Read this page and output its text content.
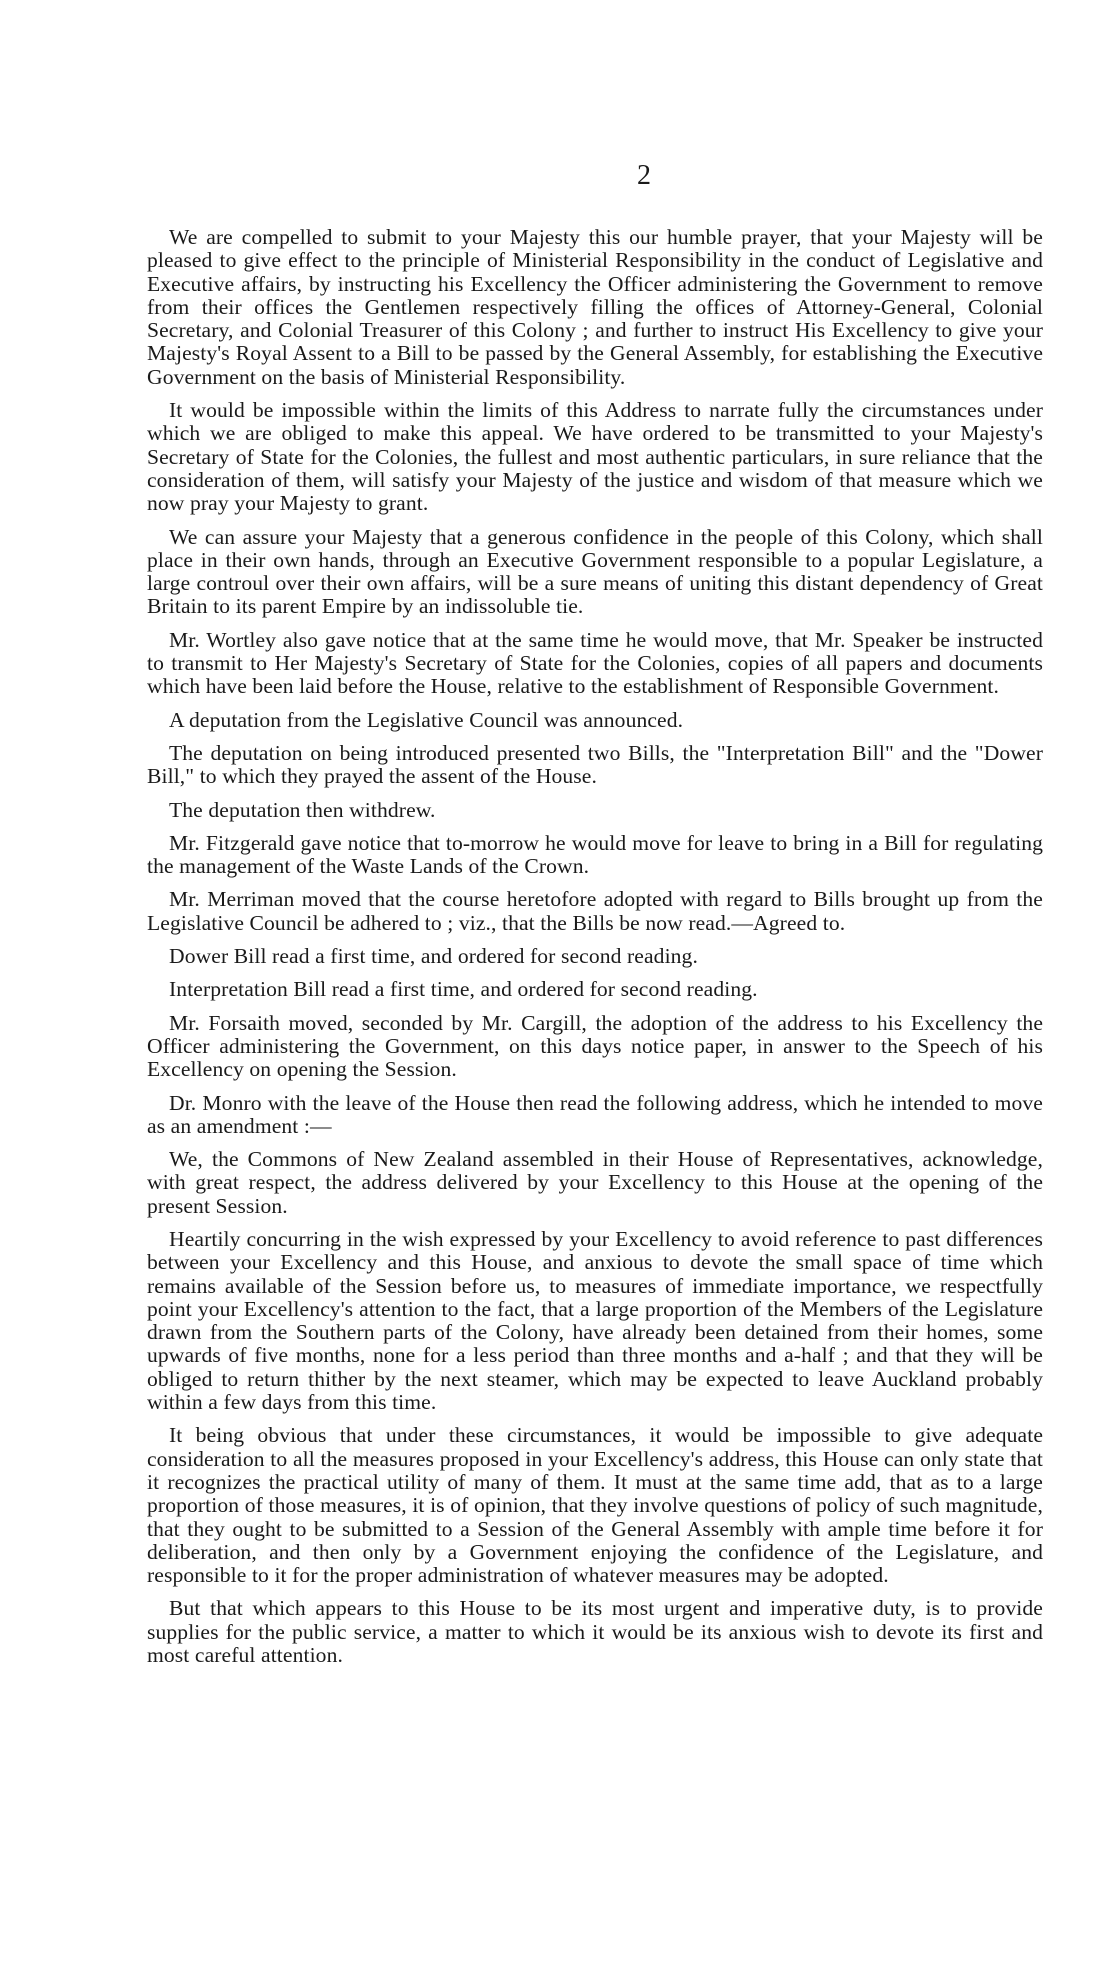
2

We are compelled to submit to your Majesty this our humble prayer, that your Majesty will be pleased to give effect to the principle of Ministerial Responsibility in the conduct of Legislative and Executive affairs, by instructing his Excellency the Officer administering the Government to remove from their offices the Gentlemen respectively filling the offices of Attorney-General, Colonial Secretary, and Colonial Treasurer of this Colony ; and further to instruct His Excellency to give your Majesty's Royal Assent to a Bill to be passed by the General Assembly, for establishing the Executive Government on the basis of Ministerial Responsibility.

It would be impossible within the limits of this Address to narrate fully the circumstances under which we are obliged to make this appeal. We have ordered to be transmitted to your Majesty's Secretary of State for the Colonies, the fullest and most authentic particulars, in sure reliance that the consideration of them, will satisfy your Majesty of the justice and wisdom of that measure which we now pray your Majesty to grant.

We can assure your Majesty that a generous confidence in the people of this Colony, which shall place in their own hands, through an Executive Government responsible to a popular Legislature, a large controul over their own affairs, will be a sure means of uniting this distant dependency of Great Britain to its parent Empire by an indissoluble tie.

Mr. Wortley also gave notice that at the same time he would move, that Mr. Speaker be instructed to transmit to Her Majesty's Secretary of State for the Colonies, copies of all papers and documents which have been laid before the House, relative to the establishment of Responsible Government.

A deputation from the Legislative Council was announced.

The deputation on being introduced presented two Bills, the "Interpretation Bill" and the "Dower Bill," to which they prayed the assent of the House.

The deputation then withdrew.

Mr. Fitzgerald gave notice that to-morrow he would move for leave to bring in a Bill for regulating the management of the Waste Lands of the Crown.

Mr. Merriman moved that the course heretofore adopted with regard to Bills brought up from the Legislative Council be adhered to ; viz., that the Bills be now read.—Agreed to.

Dower Bill read a first time, and ordered for second reading.

Interpretation Bill read a first time, and ordered for second reading.

Mr. Forsaith moved, seconded by Mr. Cargill, the adoption of the address to his Excellency the Officer administering the Government, on this days notice paper, in answer to the Speech of his Excellency on opening the Session.

Dr. Monro with the leave of the House then read the following address, which he intended to move as an amendment :—

We, the Commons of New Zealand assembled in their House of Representatives, acknowledge, with great respect, the address delivered by your Excellency to this House at the opening of the present Session.

Heartily concurring in the wish expressed by your Excellency to avoid reference to past differences between your Excellency and this House, and anxious to devote the small space of time which remains available of the Session before us, to measures of immediate importance, we respectfully point your Excellency's attention to the fact, that a large proportion of the Members of the Legislature drawn from the Southern parts of the Colony, have already been detained from their homes, some upwards of five months, none for a less period than three months and a-half ; and that they will be obliged to return thither by the next steamer, which may be expected to leave Auckland probably within a few days from this time.

It being obvious that under these circumstances, it would be impossible to give adequate consideration to all the measures proposed in your Excellency's address, this House can only state that it recognizes the practical utility of many of them. It must at the same time add, that as to a large proportion of those measures, it is of opinion, that they involve questions of policy of such magnitude, that they ought to be submitted to a Session of the General Assembly with ample time before it for deliberation, and then only by a Government enjoying the confidence of the Legislature, and responsible to it for the proper administration of whatever measures may be adopted.

But that which appears to this House to be its most urgent and imperative duty, is to provide supplies for the public service, a matter to which it would be its anxious wish to devote its first and most careful attention.
